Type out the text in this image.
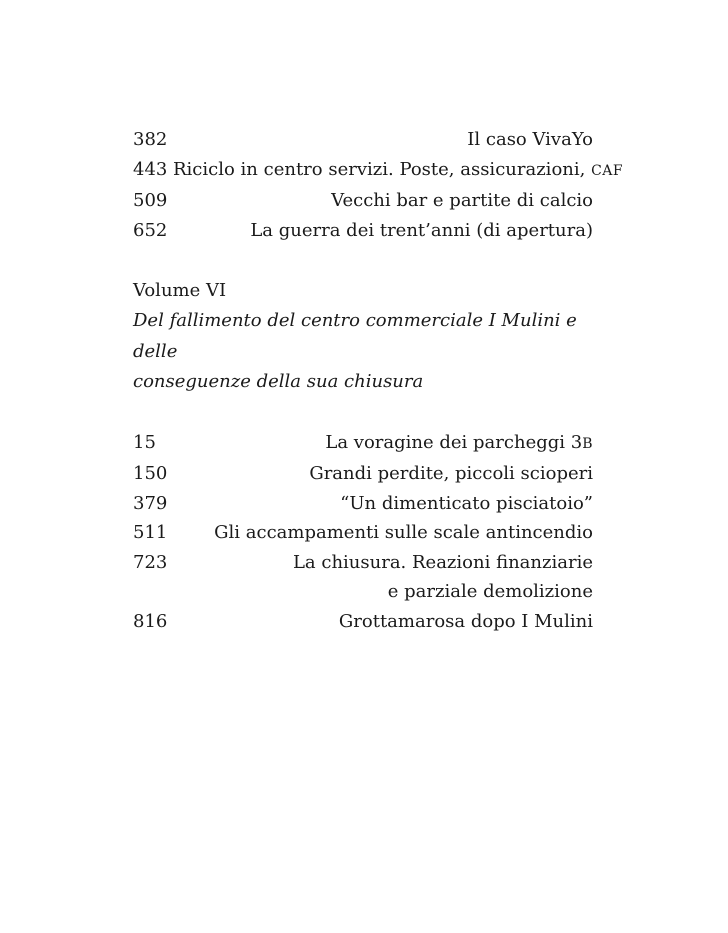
382	Il caso VivaYo
443 Riciclo in centro servizi. Poste, assicurazioni, CAF
509	Vecchi bar e partite di calcio
652	La guerra dei trent’anni (di apertura)
Volume VI
Del fallimento del centro commerciale I Mulini e delle
conseguenze della sua chiusura
15	La voragine dei parcheggi 3B
150	Grandi perdite, piccoli scioperi
379	“Un dimenticato pisciatoio”
511	Gli accampamenti sulle scale antincendio
723	La chiusura. Reazioni finanziarie
e parziale demolizione
816	Grottamarosa dopo I Mulini
